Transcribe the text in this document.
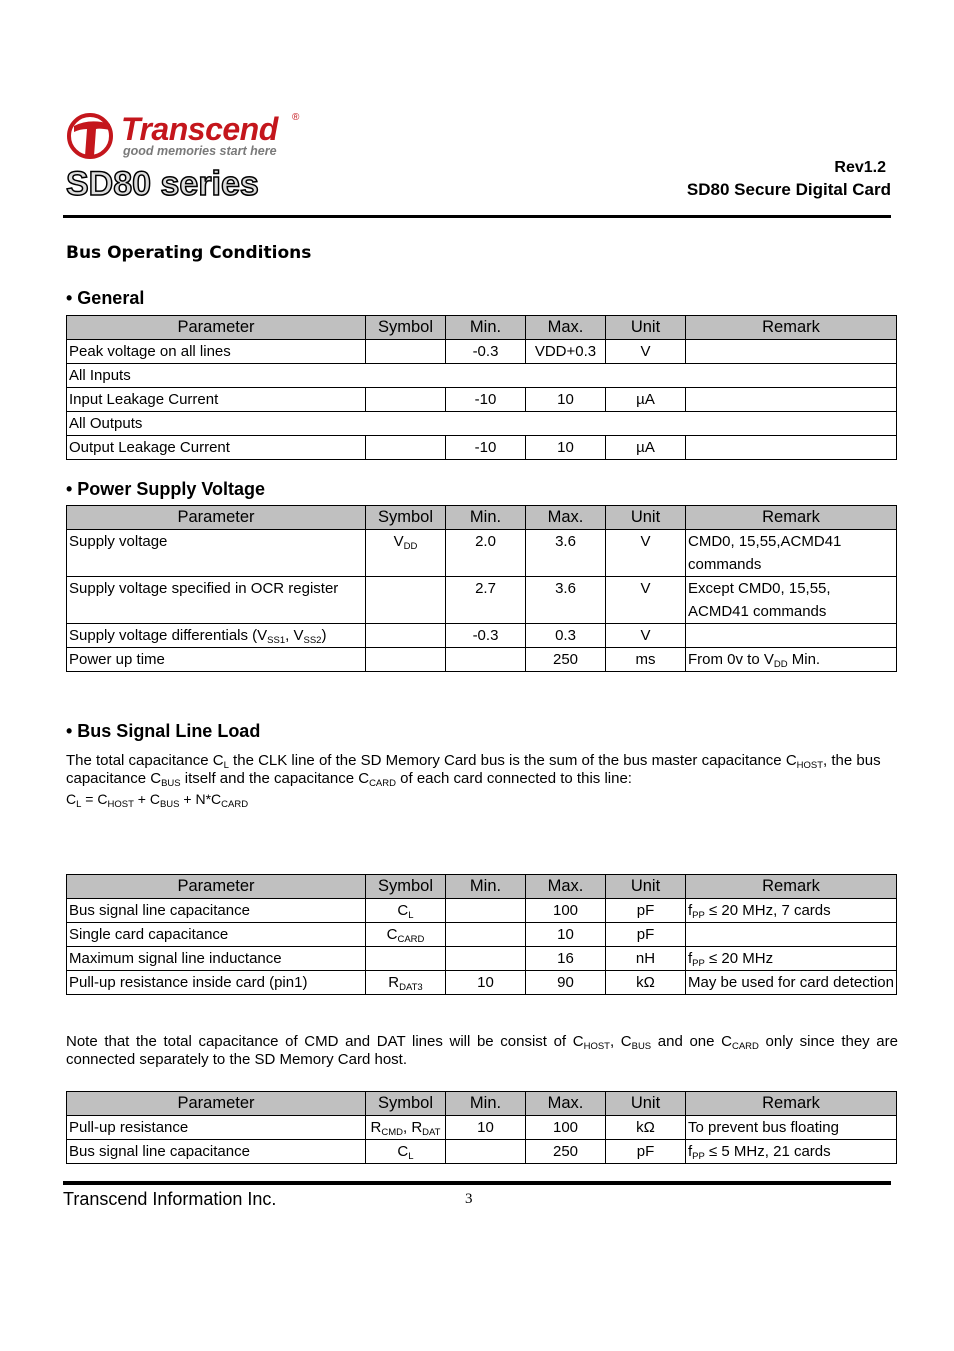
Transcend ®
good memories start here
SD80 series	Rev1.2
SD80 Secure Digital Card
Bus Operating Conditions
• General
Parameter	Symbol	Min.	Max.	Unit	Remark
Peak voltage on all lines		-0.3	VDD+0.3	V	
All Inputs					
Input Leakage Current		-10	10	µA	
All Outputs					
Output Leakage Current		-10	10	µA	
• Power Supply Voltage
Parameter	Symbol	Min.	Max.	Unit	Remark
Supply voltage	$V_{DD}$	2.0	3.6	V	CMD0, 15,55,ACMD41 commands
Supply voltage specified in OCR register		2.7	3.6	V	Except CMD0, 15,55, ACMD41 commands
Supply voltage differentials ($V_{SS1}$, $V_{SS2}$)		-0.3	0.3	V	
Power up time			250	ms	From 0v to $V_{DD}$ Min.
• Bus Signal Line Load
The total capacitance $C_L$ the CLK line of the SD Memory Card bus is the sum of the bus master capacitance $C_{HOST}$, the bus capacitance $C_{BUS}$ itself and the capacitance $C_{CARD}$ of each card connected to this line:
$C_L = C_{HOST} + C_{BUS} + N*C_{CARD}$
Parameter	Symbol	Min.	Max.	Unit	Remark
Bus signal line capacitance	$C_L$		100	pF	$f_{PP} \le 20$ MHz, 7 cards
Single card capacitance	$C_{CARD}$		10	pF	
Maximum signal line inductance			16	nH	$f_{PP} \le 20$ MHz
Pull-up resistance inside card (pin1)	$R_{DAT3}$	10	90	kΩ	May be used for card detection
Note that the total capacitance of CMD and DAT lines will be consist of $C_{HOST}$, $C_{BUS}$ and one $C_{CARD}$ only since they are connected separately to the SD Memory Card host.
Parameter	Symbol	Min.	Max.	Unit	Remark
Pull-up resistance	$R_{CMD}$, $R_{DAT}$	10	100	kΩ	To prevent bus floating
Bus signal line capacitance	$C_L$		250	pF	$f_{PP} \le 5$ MHz, 21 cards
Transcend Information Inc.	3
